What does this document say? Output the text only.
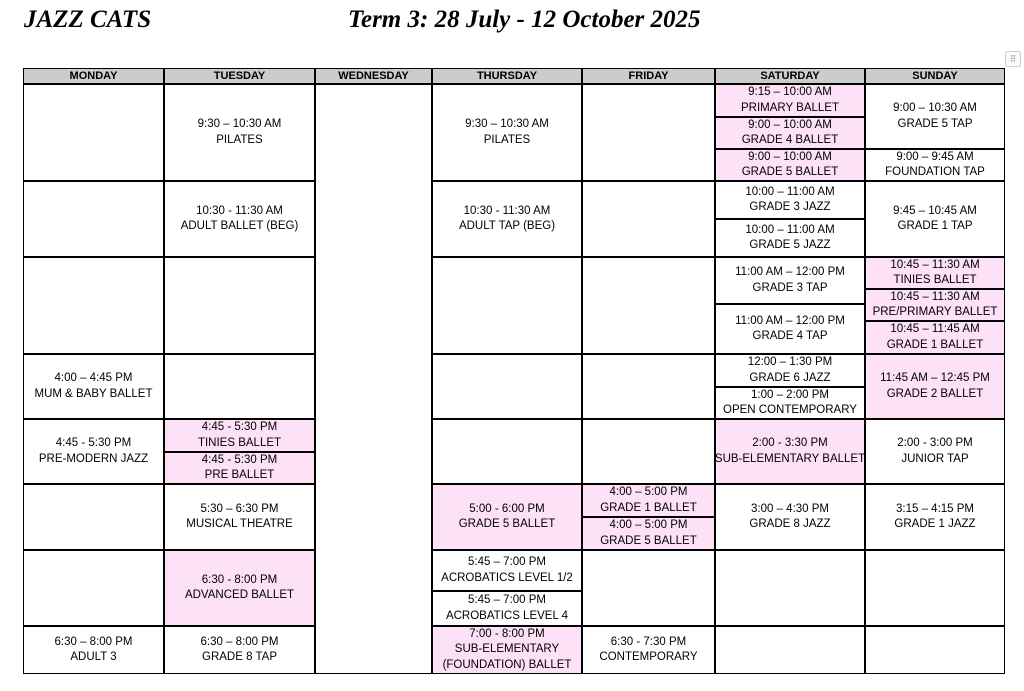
JAZZ CATS	Term 3: 28 July - 12 October 2025
⠿
MONDAY
4:00 – 4:45 PM
MUM & BABY BALLET
4:45 - 5:30 PM
PRE-MODERN JAZZ
6:30 – 8:00 PM
ADULT 3
TUESDAY
9:30 – 10:30 AM
PILATES
10:30 - 11:30 AM
ADULT BALLET (BEG)
4:45 - 5:30 PM
TINIES BALLET
4:45 - 5:30 PM
PRE BALLET
5:30 – 6:30 PM
MUSICAL THEATRE
6:30 - 8:00 PM
ADVANCED BALLET
6:30 – 8:00 PM
GRADE 8 TAP
WEDNESDAY	THURSDAY
9:30 – 10:30 AM
PILATES
10:30 - 11:30 AM
ADULT TAP (BEG)
5:00 - 6:00 PM
GRADE 5 BALLET
5:45 – 7:00 PM
ACROBATICS LEVEL 1/2
5:45 – 7:00 PM
ACROBATICS LEVEL 4
7:00 - 8:00 PM
SUB-ELEMENTARY
(FOUNDATION) BALLET
FRIDAY
4:00 – 5:00 PM
GRADE 1 BALLET
4:00 – 5:00 PM
GRADE 5 BALLET
6:30 - 7:30 PM
CONTEMPORARY
SATURDAY
9:15 – 10:00 AM
PRIMARY BALLET
9:00 – 10:00 AM
GRADE 4 BALLET
9:00 – 10:00 AM
GRADE 5 BALLET
10:00 – 11:00 AM
GRADE 3 JAZZ
10:00 – 11:00 AM
GRADE 5 JAZZ
11:00 AM – 12:00 PM
GRADE 3 TAP
11:00 AM – 12:00 PM
GRADE 4 TAP
12:00 – 1:30 PM
GRADE 6 JAZZ
1:00 – 2:00 PM
OPEN CONTEMPORARY
2:00 - 3:30 PM
SUB-ELEMENTARY BALLET
3:00 – 4:30 PM
GRADE 8 JAZZ
SUNDAY
9:00 – 10:30 AM
GRADE 5 TAP
9:00 – 9:45 AM
FOUNDATION TAP
9:45 – 10:45 AM
GRADE 1 TAP
10:45 – 11:30 AM
TINIES BALLET
10:45 – 11:30 AM
PRE/PRIMARY BALLET
10:45 – 11:45 AM
GRADE 1 BALLET
11:45 AM – 12:45 PM
GRADE 2 BALLET
2:00 - 3:00 PM
JUNIOR TAP
3:15 – 4:15 PM
GRADE 1 JAZZ
